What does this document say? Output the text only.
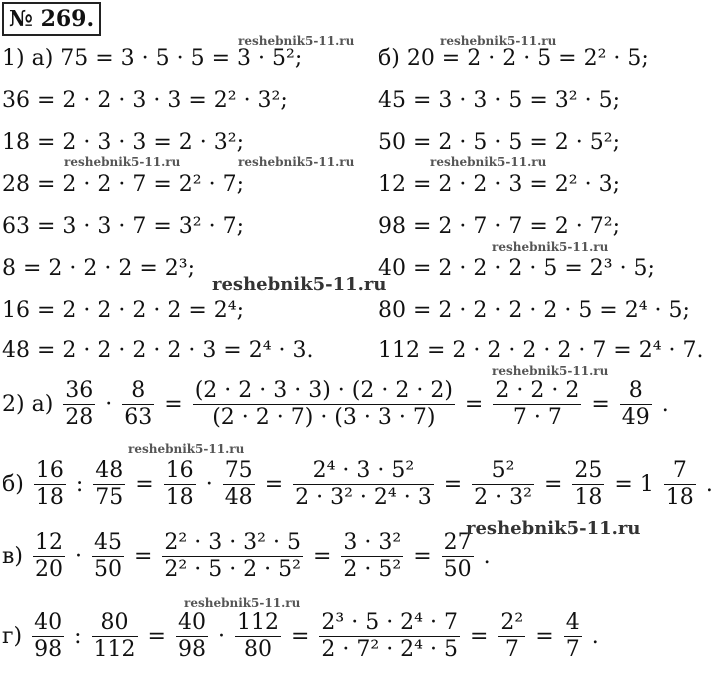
№ 269.
1) а) 75 = 3 · 5 · 5 = 3 · 5²;
36 = 2 · 2 · 3 · 3 = 2² · 3²;
18 = 2 · 3 · 3 = 2 · 3²;
28 = 2 · 2 · 7 = 2² · 7;
63 = 3 · 3 · 7 = 3² · 7;
8 = 2 · 2 · 2 = 2³;
16 = 2 · 2 · 2 · 2 = 2⁴;
48 = 2 · 2 · 2 · 2 · 3 = 2⁴ · 3.
б) 20 = 2 · 2 · 5 = 2² · 5;
45 = 3 · 3 · 5 = 3² · 5;
50 = 2 · 5 · 5 = 2 · 5²;
12 = 2 · 2 · 3 = 2² · 3;
98 = 2 · 7 · 7 = 2 · 7²;
40 = 2 · 2 · 2 · 5 = 2³ · 5;
80 = 2 · 2 · 2 · 2 · 5 = 2⁴ · 5;
112 = 2 · 2 · 2 · 2 · 7 = 2⁴ · 7.
2) $а) \frac{36}{28} \cdot \frac{8}{63} = \frac{(2 \cdot 2 \cdot 3 \cdot 3) \cdot (2 \cdot 2 \cdot 2)}{(2 \cdot 2 \cdot 7) \cdot (3 \cdot 3 \cdot 7)} = \frac{2 \cdot 2 \cdot 2}{7 \cdot 7} = \frac{8}{49}$ .
$б) \frac{16}{18}$ : $\frac{48}{75} = \frac{16}{18} \cdot \frac{75}{48} = \frac{\text{2⁴ · 3 · 5²}}{\text{2 · 3² · 2⁴ · 3}} = \frac{\text{5²}}{\text{2 · 3²}} = \frac{25}{18} = 1 \frac{7}{18}$ .
$в) \frac{12}{20} \cdot \frac{45}{50} = \frac{\text{2² · 3 · 3² · 5}}{\text{2² · 5 · 2 · 5²}} = \frac{\text{3 · 3²}}{\text{2 · 5²}} = \frac{27}{50}$ .
$г) \frac{40}{98}$ : $\frac{80}{112} = \frac{40}{98} \cdot \frac{112}{80} = \frac{\text{2³ · 5 · 2⁴ · 7}}{\text{2 · 7² · 2⁴ · 5}} = \frac{\text{2²}}{7} = \frac{4}{7}$ .
reshebnik5-11.ru	reshebnik5-11.ru
reshebnik5-11.ru	reshebnik5-11.ru	reshebnik5-11.ru
reshebnik5-11.ru
reshebnik5-11.ru
reshebnik5-11.ru
reshebnik5-11.ru
reshebnik5-11.ru
reshebnik5-11.ru
